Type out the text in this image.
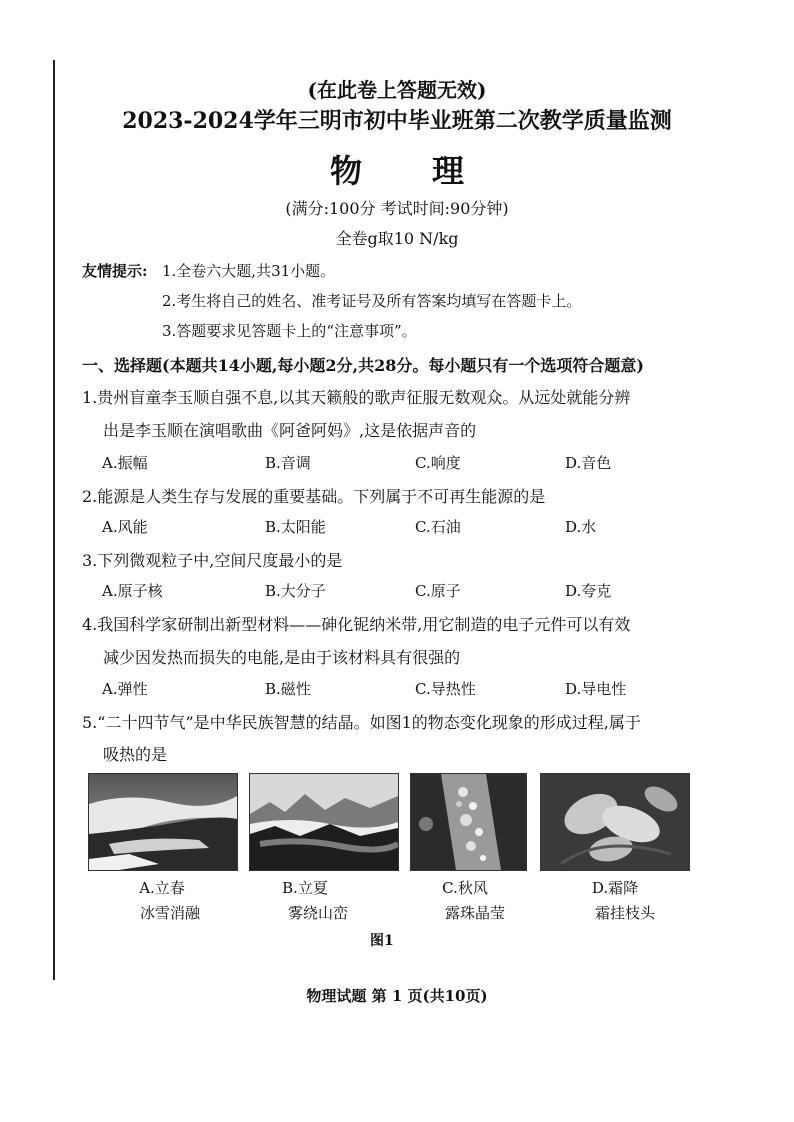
(在此卷上答题无效)
2023-2024学年三明市初中毕业班第二次教学质量监测
物理
(满分:100分 考试时间:90分钟)
全卷g取10 N/kg
友情提示: 1.全卷六大题,共31小题。
2.考生将自己的姓名、准考证号及所有答案均填写在答题卡上。
3.答题要求见答题卡上的“注意事项”。
一、选择题(本题共14小题,每小题2分,共28分。每小题只有一个选项符合题意)
1.贵州盲童李玉顺自强不息,以其天籁般的歌声征服无数观众。从远处就能分辨
出是李玉顺在演唱歌曲《阿爸阿妈》,这是依据声音的
A.振幅	B.音调	C.响度	D.音色
2.能源是人类生存与发展的重要基础。下列属于不可再生能源的是
A.风能	B.太阳能	C.石油	D.水
3.下列微观粒子中,空间尺度最小的是
A.原子核	B.大分子	C.原子	D.夸克
4.我国科学家研制出新型材料——砷化铌纳米带,用它制造的电子元件可以有效
减少因发热而损失的电能,是由于该材料具有很强的
A.弹性	B.磁性	C.导热性	D.导电性
5.“二十四节气”是中华民族智慧的结晶。如图1的物态变化现象的形成过程,属于
吸热的是
A.立春
冰雪消融
B.立夏
雾绕山峦
C.秋风
露珠晶莹
D.霜降
霜挂枝头
图1
物理试题 第 1 页(共10页)
